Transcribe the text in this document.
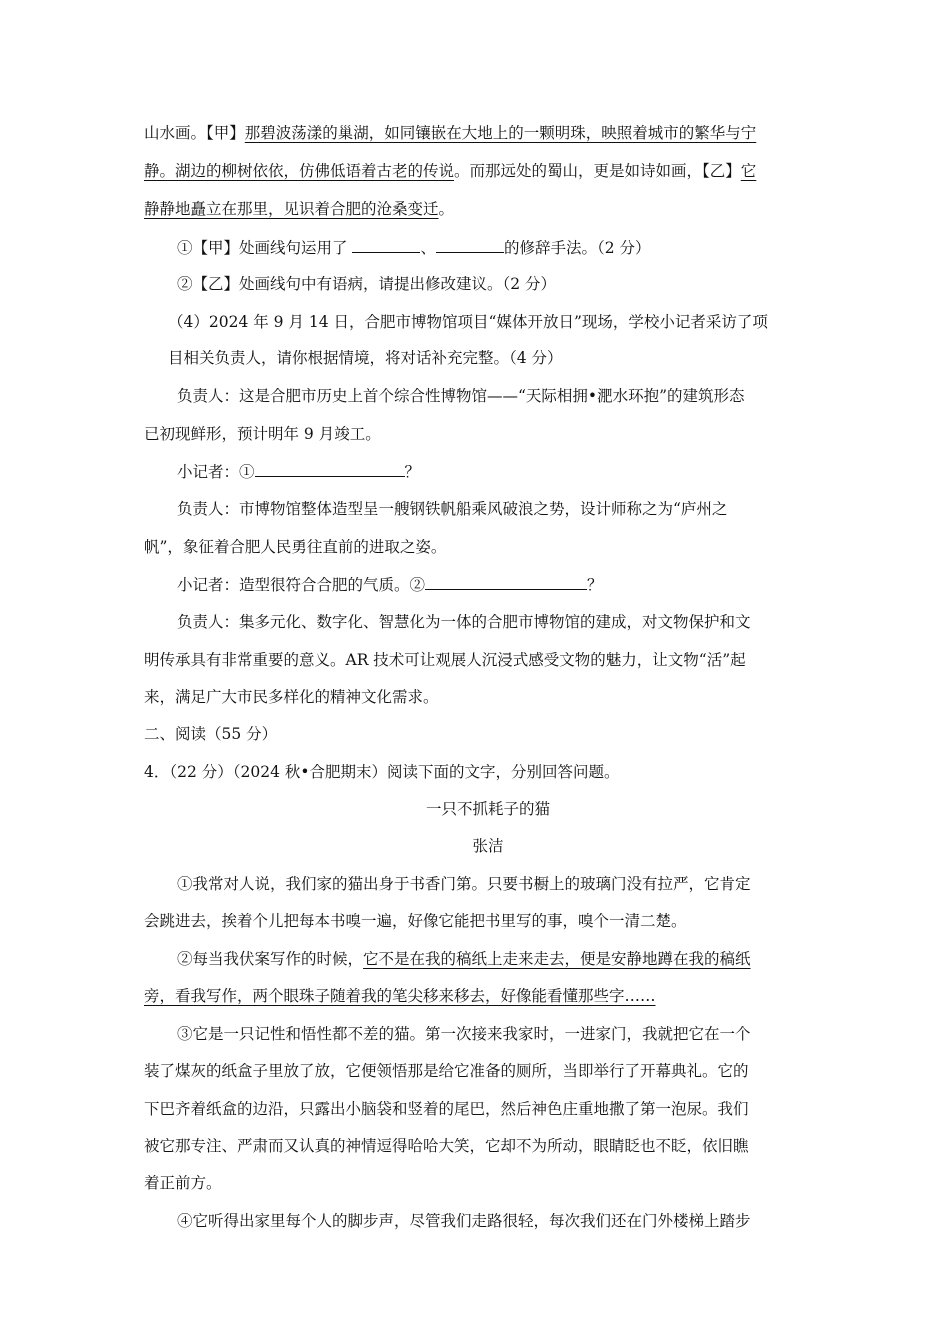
山水画。【甲】那碧波荡漾的巢湖，如同镶嵌在大地上的一颗明珠，映照着城市的繁华与宁
静。湖边的柳树依依，仿佛低语着古老的传说。而那远处的蜀山，更是如诗如画，【乙】它
静静地矗立在那里，见识着合肥的沧桑变迁。
①【甲】处画线句运用了	、	的修辞手法。（2 分）
②【乙】处画线句中有语病，请提出修改建议。（2 分）
（4）2024 年 9 月 14 日，合肥市博物馆项目“媒体开放日”现场，学校小记者采访了项
目相关负责人，请你根据情境，将对话补充完整。（4 分）
负责人：这是合肥市历史上首个综合性博物馆——“天际相拥•淝水环抱”的建筑形态
已初现鲜形，预计明年 9 月竣工。
小记者：①	？
负责人：市博物馆整体造型呈一艘钢铁帆船乘风破浪之势，设计师称之为“庐州之
帆”，象征着合肥人民勇往直前的进取之姿。
小记者：造型很符合合肥的气质。②	？
负责人：集多元化、数字化、智慧化为一体的合肥市博物馆的建成，对文物保护和文
明传承具有非常重要的意义。AR 技术可让观展人沉浸式感受文物的魅力，让文物“活”起
来，满足广大市民多样化的精神文化需求。
二、阅读（55 分）
4．（22 分）（2024 秋•合肥期末）阅读下面的文字，分别回答问题。
一只不抓耗子的猫
张洁
①我常对人说，我们家的猫出身于书香门第。只要书橱上的玻璃门没有拉严，它肯定
会跳进去，挨着个儿把每本书嗅一遍，好像它能把书里写的事，嗅个一清二楚。
②每当我伏案写作的时候，它不是在我的稿纸上走来走去，便是安静地蹲在我的稿纸
旁，看我写作，两个眼珠子随着我的笔尖移来移去，好像能看懂那些字……
③它是一只记性和悟性都不差的猫。第一次接来我家时，一进家门，我就把它在一个
装了煤灰的纸盒子里放了放，它便领悟那是给它准备的厕所，当即举行了开幕典礼。它的
下巴齐着纸盒的边沿，只露出小脑袋和竖着的尾巴，然后神色庄重地撒了第一泡尿。我们
被它那专注、严肃而又认真的神情逗得哈哈大笑，它却不为所动，眼睛眨也不眨，依旧瞧
着正前方。
④它听得出家里每个人的脚步声，尽管我们走路很轻，每次我们还在门外楼梯上踏步
